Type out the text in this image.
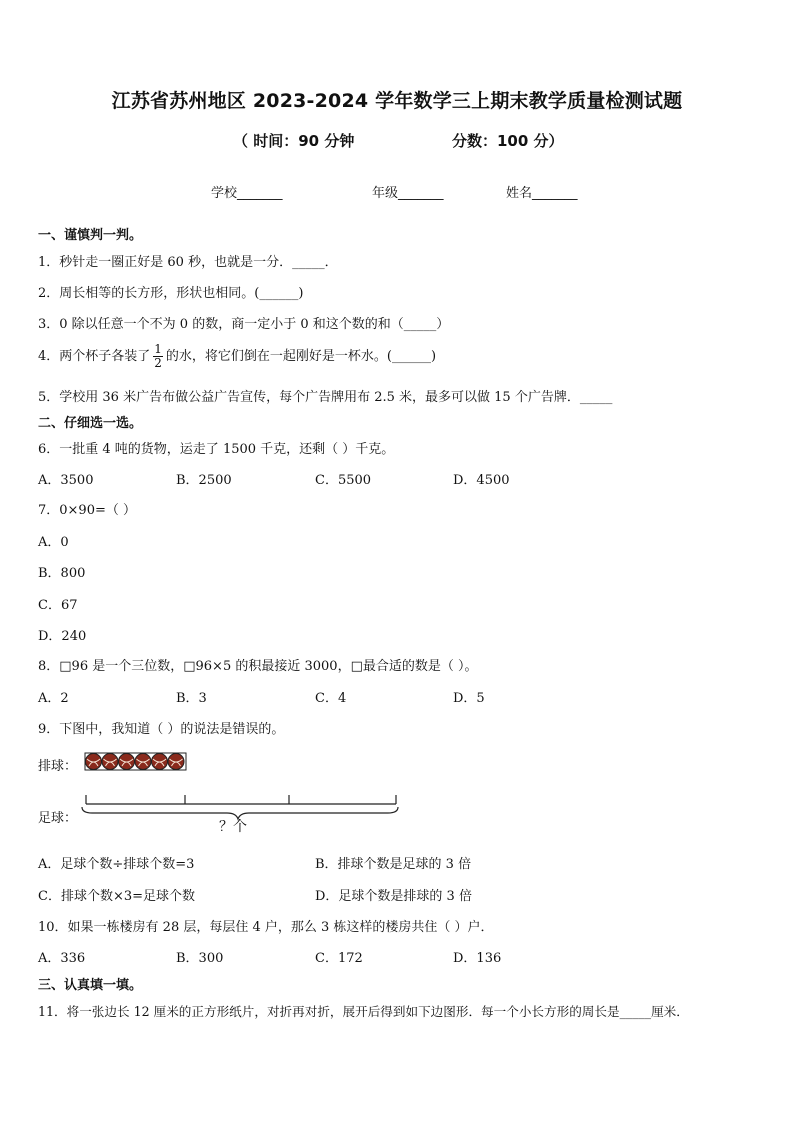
江苏省苏州地区 2023-2024 学年数学三上期末教学质量检测试题
（ 时间：90 分钟	分数：100 分）
学校_______	年级_______	姓名_______
一、谨慎判一判。
1．秒针走一圈正好是 60 秒，也就是一分．_____．
2．周长相等的长方形，形状也相同。(______)
3．0 除以任意一个不为 0 的数，商一定小于 0 和这个数的和（_____）
4．两个杯子各装了 $\frac{1}{2}$ 的水，将它们倒在一起刚好是一杯水。(______)
5．学校用 36 米广告布做公益广告宣传，每个广告牌用布 2.5 米，最多可以做 15 个广告牌．_____
二、仔细选一选。
6．一批重 4 吨的货物，运走了 1500 千克，还剩（ ）千克。
A．3500	B．2500	C．5500	D．4500
7．0×90=（ ）
A．0
B．800
C．67
D．240
8．□96 是一个三位数，□96×5 的积最接近 3000，□最合适的数是（ ）。
A．2	B．3	C．4	D．5
9．下图中，我知道（ ）的说法是错误的。
排球：
足球：
？个
A．足球个数÷排球个数=3	B．排球个数是足球的 3 倍
C．排球个数×3=足球个数	D．足球个数是排球的 3 倍
10．如果一栋楼房有 28 层，每层住 4 户，那么 3 栋这样的楼房共住（ ）户．
A．336	B．300	C．172	D．136
三、认真填一填。
11．将一张边长 12 厘米的正方形纸片，对折再对折，展开后得到如下边图形．每一个小长方形的周长是_____厘米．
